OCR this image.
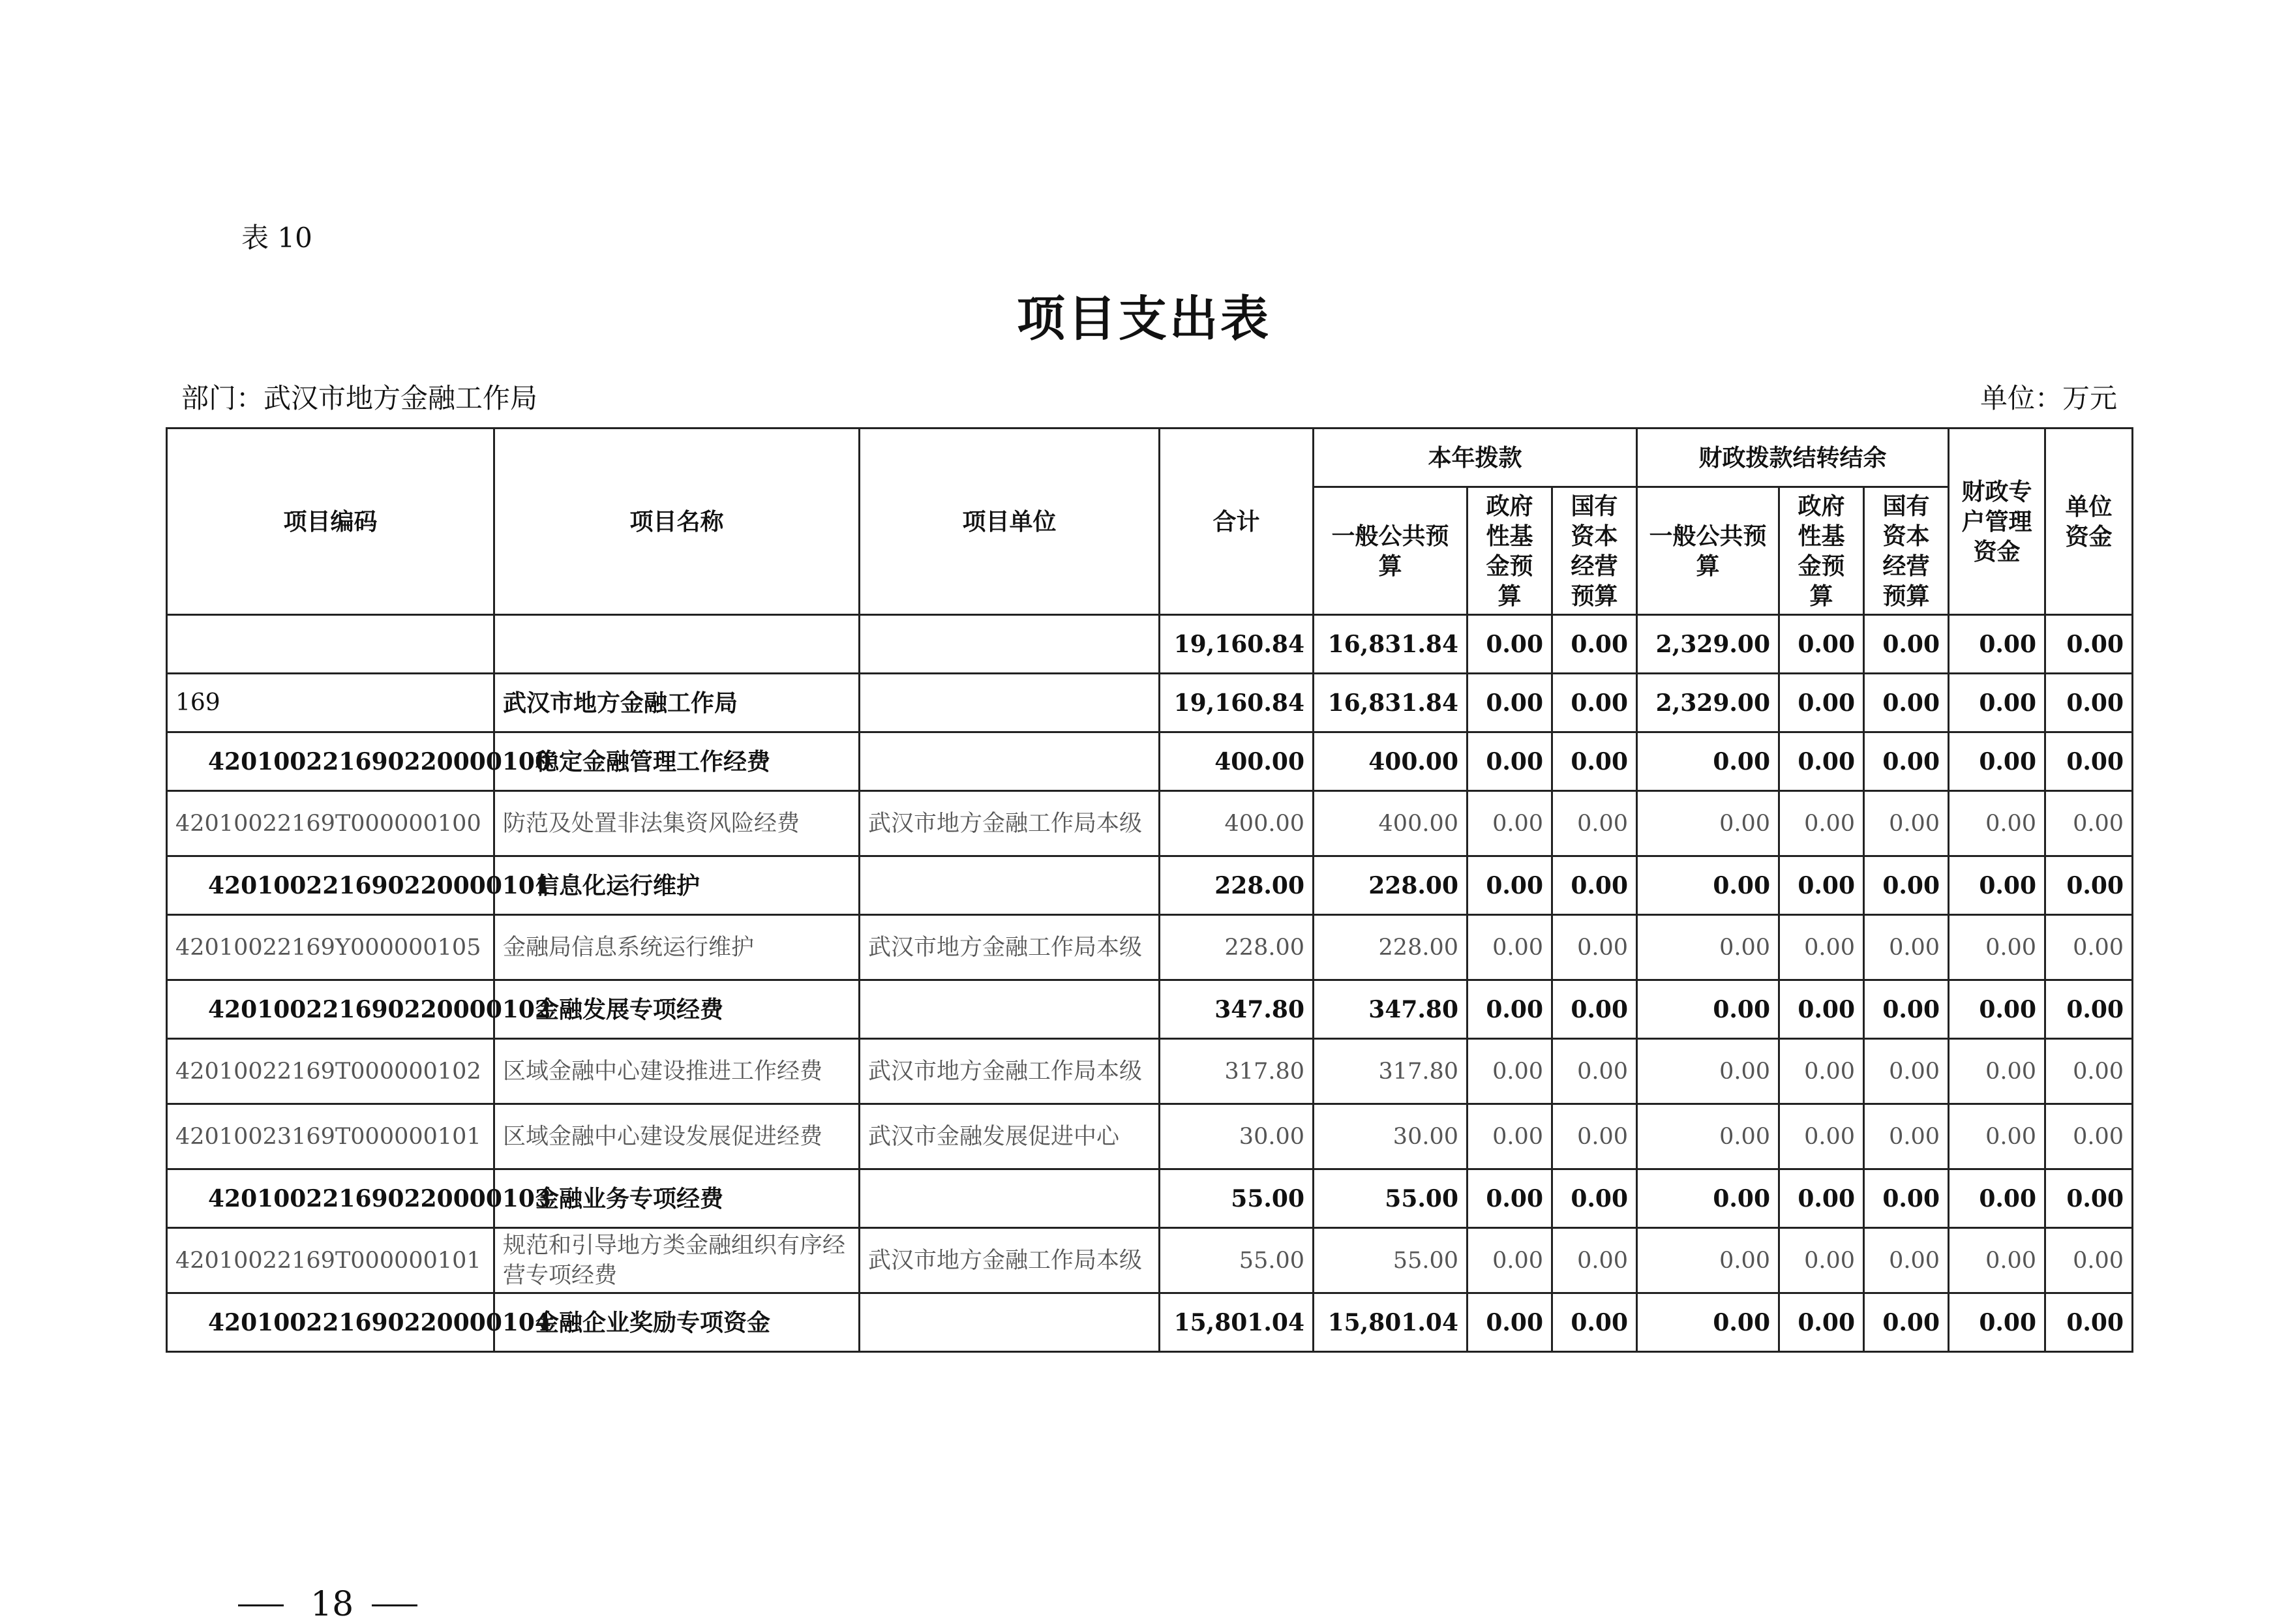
表 10
项目支出表
部门：武汉市地方金融工作局	单位：万元
项目编码	项目名称	项目单位	合计	本年拨款			财政拨款结转结余			财政专户管理资金	单位资金
				一般公共预算	政府性基金预算	国有资本经营预算	一般公共预算	政府性基金预算	国有资本经营预算		
			19,160.84	16,831.84	0.00	0.00	2,329.00	0.00	0.00	0.00	0.00
169	武汉市地方金融工作局		19,160.84	16,831.84	0.00	0.00	2,329.00	0.00	0.00	0.00	0.00
420100221690220000100	稳定金融管理工作经费		400.00	400.00	0.00	0.00	0.00	0.00	0.00	0.00	0.00
42010022169T000000100	防范及处置非法集资风险经费	武汉市地方金融工作局本级	400.00	400.00	0.00	0.00	0.00	0.00	0.00	0.00	0.00
420100221690220000101	信息化运行维护		228.00	228.00	0.00	0.00	0.00	0.00	0.00	0.00	0.00
42010022169Y000000105	金融局信息系统运行维护	武汉市地方金融工作局本级	228.00	228.00	0.00	0.00	0.00	0.00	0.00	0.00	0.00
420100221690220000102	金融发展专项经费		347.80	347.80	0.00	0.00	0.00	0.00	0.00	0.00	0.00
42010022169T000000102	区域金融中心建设推进工作经费	武汉市地方金融工作局本级	317.80	317.80	0.00	0.00	0.00	0.00	0.00	0.00	0.00
42010023169T000000101	区域金融中心建设发展促进经费	武汉市金融发展促进中心	30.00	30.00	0.00	0.00	0.00	0.00	0.00	0.00	0.00
420100221690220000103	金融业务专项经费		55.00	55.00	0.00	0.00	0.00	0.00	0.00	0.00	0.00
42010022169T000000101	规范和引导地方类金融组织有序经营专项经费	武汉市地方金融工作局本级	55.00	55.00	0.00	0.00	0.00	0.00	0.00	0.00	0.00
420100221690220000104	金融企业奖励专项资金		15,801.04	15,801.04	0.00	0.00	0.00	0.00	0.00	0.00	0.00
18
